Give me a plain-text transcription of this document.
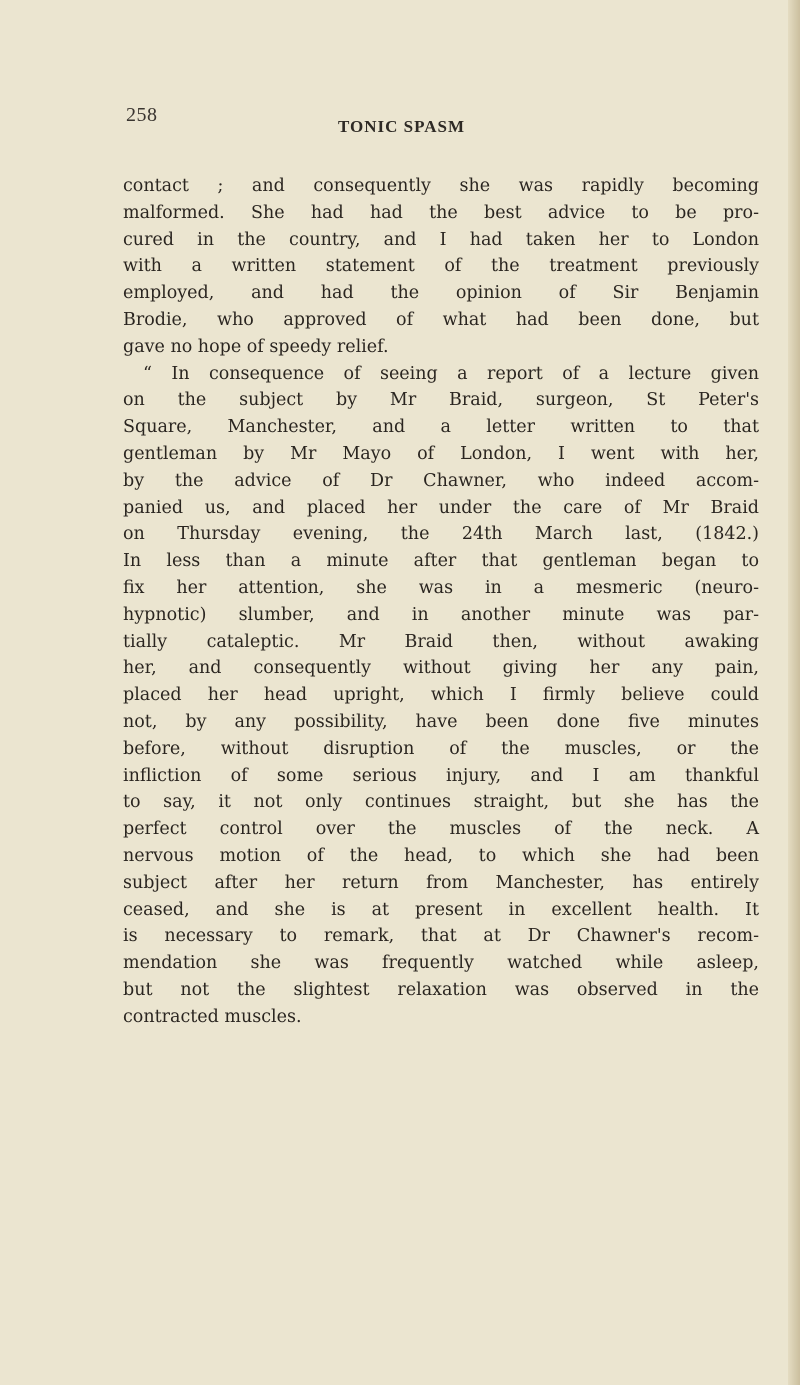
258
TONIC SPASM
contact ; and consequently she was rapidly becoming
malformed. She had had the best advice to be pro-
cured in the country, and I had taken her to London
with a written statement of the treatment previously
employed, and had the opinion of Sir Benjamin
Brodie, who approved of what had been done, but
gave no hope of speedy relief.
“ In consequence of seeing a report of a lecture given
on the subject by Mr Braid, surgeon, St Peter's
Square, Manchester, and a letter written to that
gentleman by Mr Mayo of London, I went with her,
by the advice of Dr Chawner, who indeed accom-
panied us, and placed her under the care of Mr Braid
on Thursday evening, the 24th March last, (1842.)
In less than a minute after that gentleman began to
fix her attention, she was in a mesmeric (neuro-
hypnotic) slumber, and in another minute was par-
tially cataleptic. Mr Braid then, without awaking
her, and consequently without giving her any pain,
placed her head upright, which I firmly believe could
not, by any possibility, have been done five minutes
before, without disruption of the muscles, or the
infliction of some serious injury, and I am thankful
to say, it not only continues straight, but she has the
perfect control over the muscles of the neck. A
nervous motion of the head, to which she had been
subject after her return from Manchester, has entirely
ceased, and she is at present in excellent health. It
is necessary to remark, that at Dr Chawner's recom-
mendation she was frequently watched while asleep,
but not the slightest relaxation was observed in the
contracted muscles.
